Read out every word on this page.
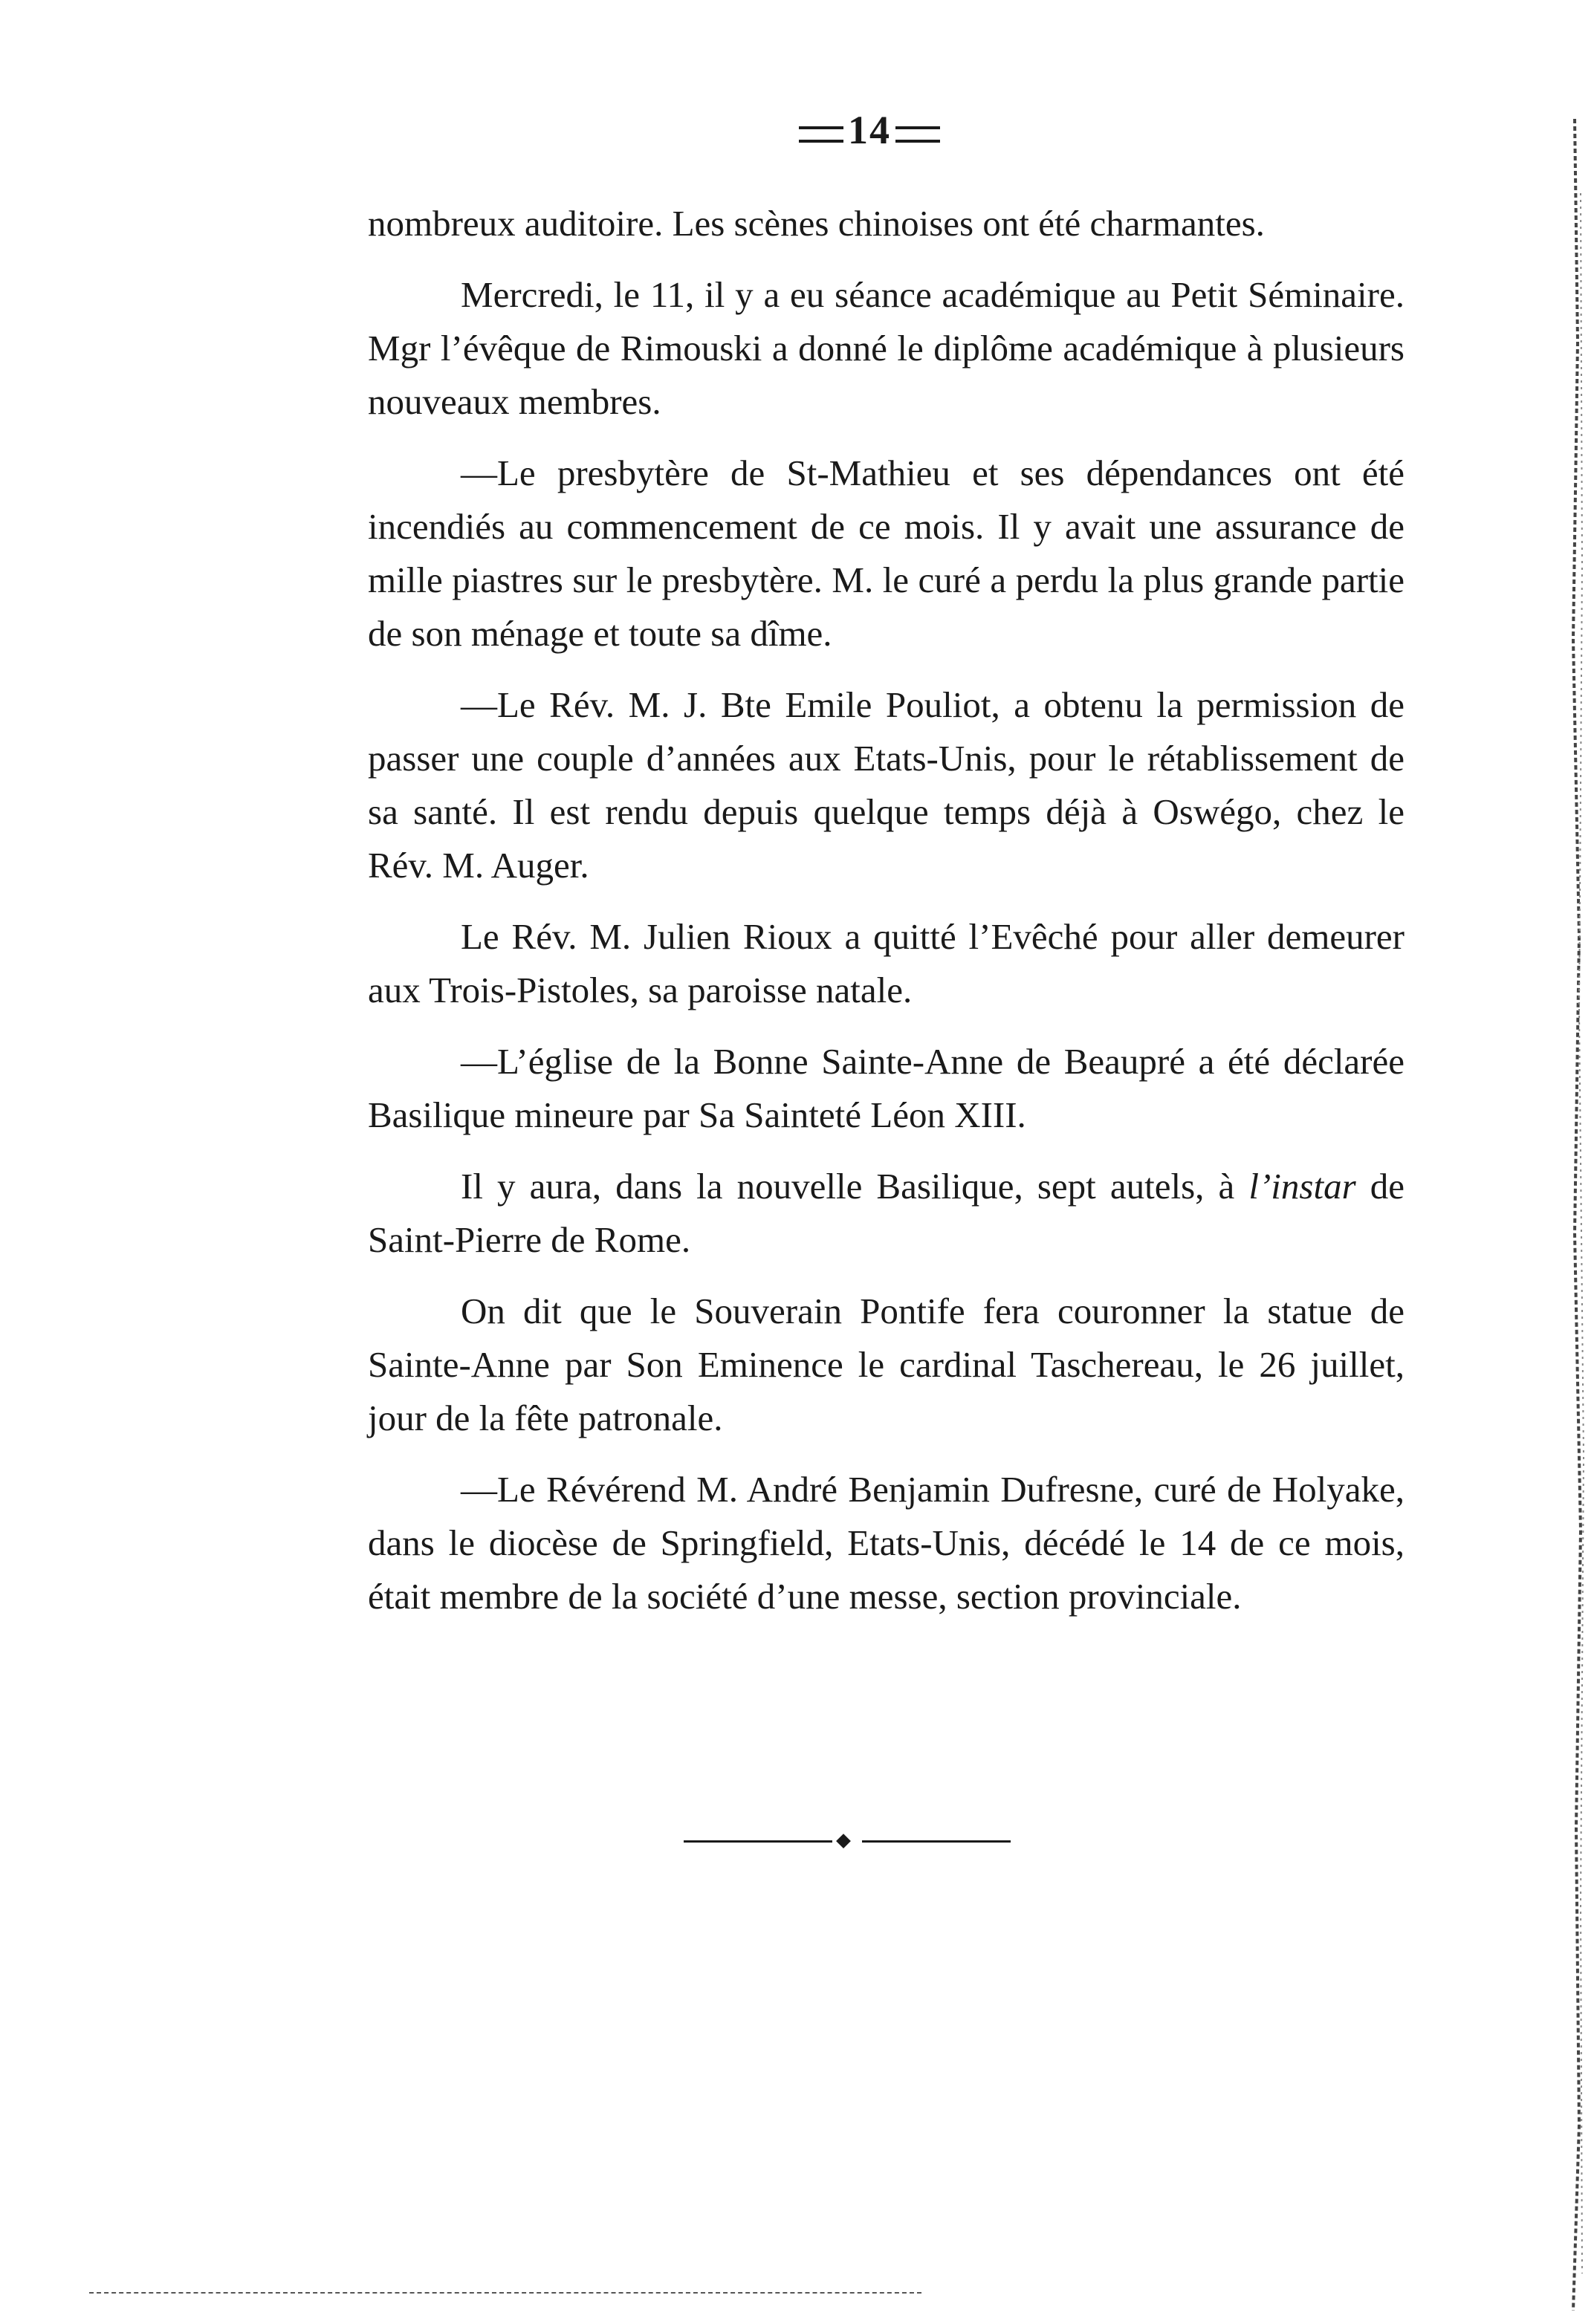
14

nombreux auditoire. Les scènes chinoises ont été charmantes.

Mercredi, le 11, il y a eu séance académique au Petit Séminaire. Mgr l’évêque de Rimouski a donné le diplôme académique à plusieurs nouveaux membres.

—Le presbytère de St-Mathieu et ses dépendances ont été incendiés au commencement de ce mois. Il y avait une assurance de mille piastres sur le presbytère. M. le curé a perdu la plus grande partie de son ménage et toute sa dîme.

—Le Rév. M. J. Bte Emile Pouliot, a obtenu la permission de passer une couple d’années aux Etats-Unis, pour le rétablissement de sa santé. Il est rendu depuis quelque temps déjà à Oswégo, chez le Rév. M. Auger.

Le Rév. M. Julien Rioux a quitté l’Evêché pour aller demeurer aux Trois-Pistoles, sa paroisse natale.

—L’église de la Bonne Sainte-Anne de Beaupré a été déclarée Basilique mineure par Sa Sainteté Léon XIII.

Il y aura, dans la nouvelle Basilique, sept autels, à l’instar de Saint-Pierre de Rome.

On dit que le Souverain Pontife fera couronner la statue de Sainte-Anne par Son Eminence le cardinal Taschereau, le 26 juillet, jour de la fête patronale.

—Le Révérend M. André Benjamin Dufresne, curé de Holyake, dans le diocèse de Springfield, Etats-Unis, décédé le 14 de ce mois, était membre de la société d’une messe, section provinciale.
